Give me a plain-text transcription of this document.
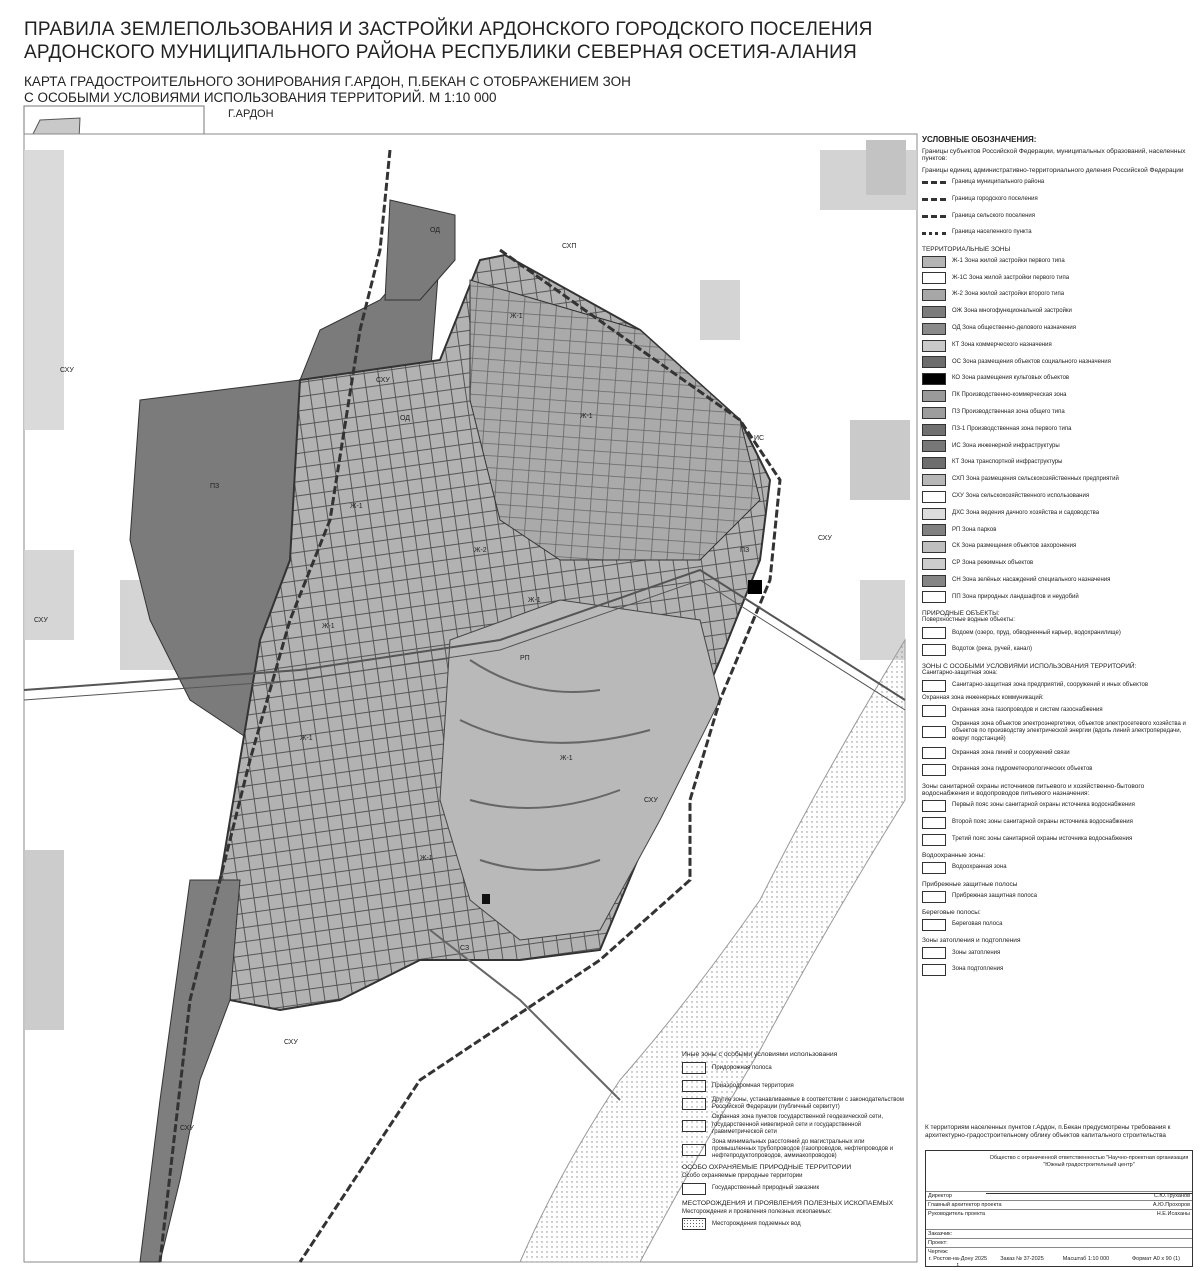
ПРАВИЛА ЗЕМЛЕПОЛЬЗОВАНИЯ И ЗАСТРОЙКИ АРДОНСКОГО ГОРОДСКОГО ПОСЕЛЕНИЯ
АРДОНСКОГО МУНИЦИПАЛЬНОГО РАЙОНА РЕСПУБЛИКИ СЕВЕРНАЯ ОСЕТИЯ-АЛАНИЯ
КАРТА ГРАДОСТРОИТЕЛЬНОГО ЗОНИРОВАНИЯ Г.АРДОН, П.БЕКАН С ОТОБРАЖЕНИЕМ ЗОН
С ОСОБЫМИ УСЛОВИЯМИ ИСПОЛЬЗОВАНИЯ ТЕРРИТОРИЙ. М 1:10 000
Г.АРДОН
СХУ
СХУ
СХУ
СХУ
СХУ
СХУ
СХУ
СХП
Ж-1
Ж-1
Ж-1
Ж-1
Ж-1
Ж-1
Ж-1
Ж-1
Ж-2
ОД
ОД
ПЗ
ПЗ
РП
ИС
СЗ
УСЛОВНЫЕ ОБОЗНАЧЕНИЯ:
Границы субъектов Российской Федерации, муниципальных образований, населенных пунктов:
Границы единиц административно-территориального деления Российской Федерации
Граница муниципального района
Граница городского поселения
Граница сельского поселения
Граница населенного пункта
ТЕРРИТОРИАЛЬНЫЕ ЗОНЫ
Ж-1 Зона жилой застройки первого типа
Ж-1С Зона жилой застройки первого типа
Ж-2 Зона жилой застройки второго типа
ОЖ Зона многофункциональной застройки
ОД Зона общественно-делового назначения
КТ Зона коммерческого назначения
ОС Зона размещения объектов социального назначения
КО Зона размещения культовых объектов
ПК Производственно-коммерческая зона
ПЗ Производственная зона общего типа
ПЗ-1 Производственная зона первого типа
ИС Зона инженерной инфраструктуры
КТ Зона транспортной инфраструктуры
СХП Зона размещения сельскохозяйственных предприятий
СХУ Зона сельскохозяйственного использования
ДХС Зона ведения дачного хозяйства и садоводства
РП Зона парков
СК Зона размещения объектов захоронения
СР Зона режимных объектов
СН Зона зелёных насаждений специального назначения
ПП Зона природных ландшафтов и неудобий
ПРИРОДНЫЕ ОБЪЕКТЫ:
Поверхностные водные объекты:
Водоем (озеро, пруд, обводненный карьер, водохранилище)
Водоток (река, ручей, канал)
ЗОНЫ С ОСОБЫМИ УСЛОВИЯМИ ИСПОЛЬЗОВАНИЯ ТЕРРИТОРИЙ:
Санитарно-защитная зона:
Санитарно-защитная зона предприятий, сооружений и иных объектов
Охранная зона инженерных коммуникаций:
Охранная зона газопроводов и систем газоснабжения
Охранная зона объектов электроэнергетики, объектов электросетевого хозяйства и объектов по производству электрической энергии (вдоль линий электропередачи, вокруг подстанций)
Охранная зона линий и сооружений связи
Охранная зона гидрометеорологических объектов
Зоны санитарной охраны источников питьевого и хозяйственно-бытового водоснабжения и водопроводов питьевого назначения:
Первый пояс зоны санитарной охраны источника водоснабжения
Второй пояс зоны санитарной охраны источника водоснабжения
Третий пояс зоны санитарной охраны источника водоснабжения
Водоохранные зоны:
Водоохранная зона
Прибрежные защитные полосы
Прибрежная защитная полоса
Береговые полосы:
Береговая полоса
Зоны затопления и подтопления
Зоны затопления
Зона подтопления
Иные зоны с особыми условиями использования
Придорожная полоса
Приаэродромная территория
Другие зоны, устанавливаемые в соответствии с законодательством Российской Федерации (публичный сервитут)
Охранная зона пунктов государственной геодезической сети, государственной нивелирной сети и государственной гравиметрической сети
Зона минимальных расстояний до магистральных или промышленных трубопроводов (газопроводов, нефтепроводов и нефтепродуктопроводов, аммиакопроводов)
ОСОБО ОХРАНЯЕМЫЕ ПРИРОДНЫЕ ТЕРРИТОРИИ
Особо охраняемые природные территории
Государственный природный заказник
МЕСТОРОЖДЕНИЯ И ПРОЯВЛЕНИЯ ПОЛЕЗНЫХ ИСКОПАЕМЫХ
Месторождения и проявления полезных ископаемых:
Месторождения подземных вод
К территориям населенных пунктов г.Ардон, п.Бекан предусмотрены требования к архитектурно-градостроительному облику объектов капитального строительства
Общество с ограниченной ответственностью "Научно-проектная организация "Южный градостроительный центр"
Директор	С.Ю.Труханов
Главный архитектор проекта	А.Ю.Прохоров
Руководитель проекта	Н.Е.Исаханы
Заказчик:
Проект:
Чертеж:
г. Ростов-на-Дону 2025 г.
Заказ № 37-2025	Масштаб 1:10 000	Формат A0 x 90 (1)
